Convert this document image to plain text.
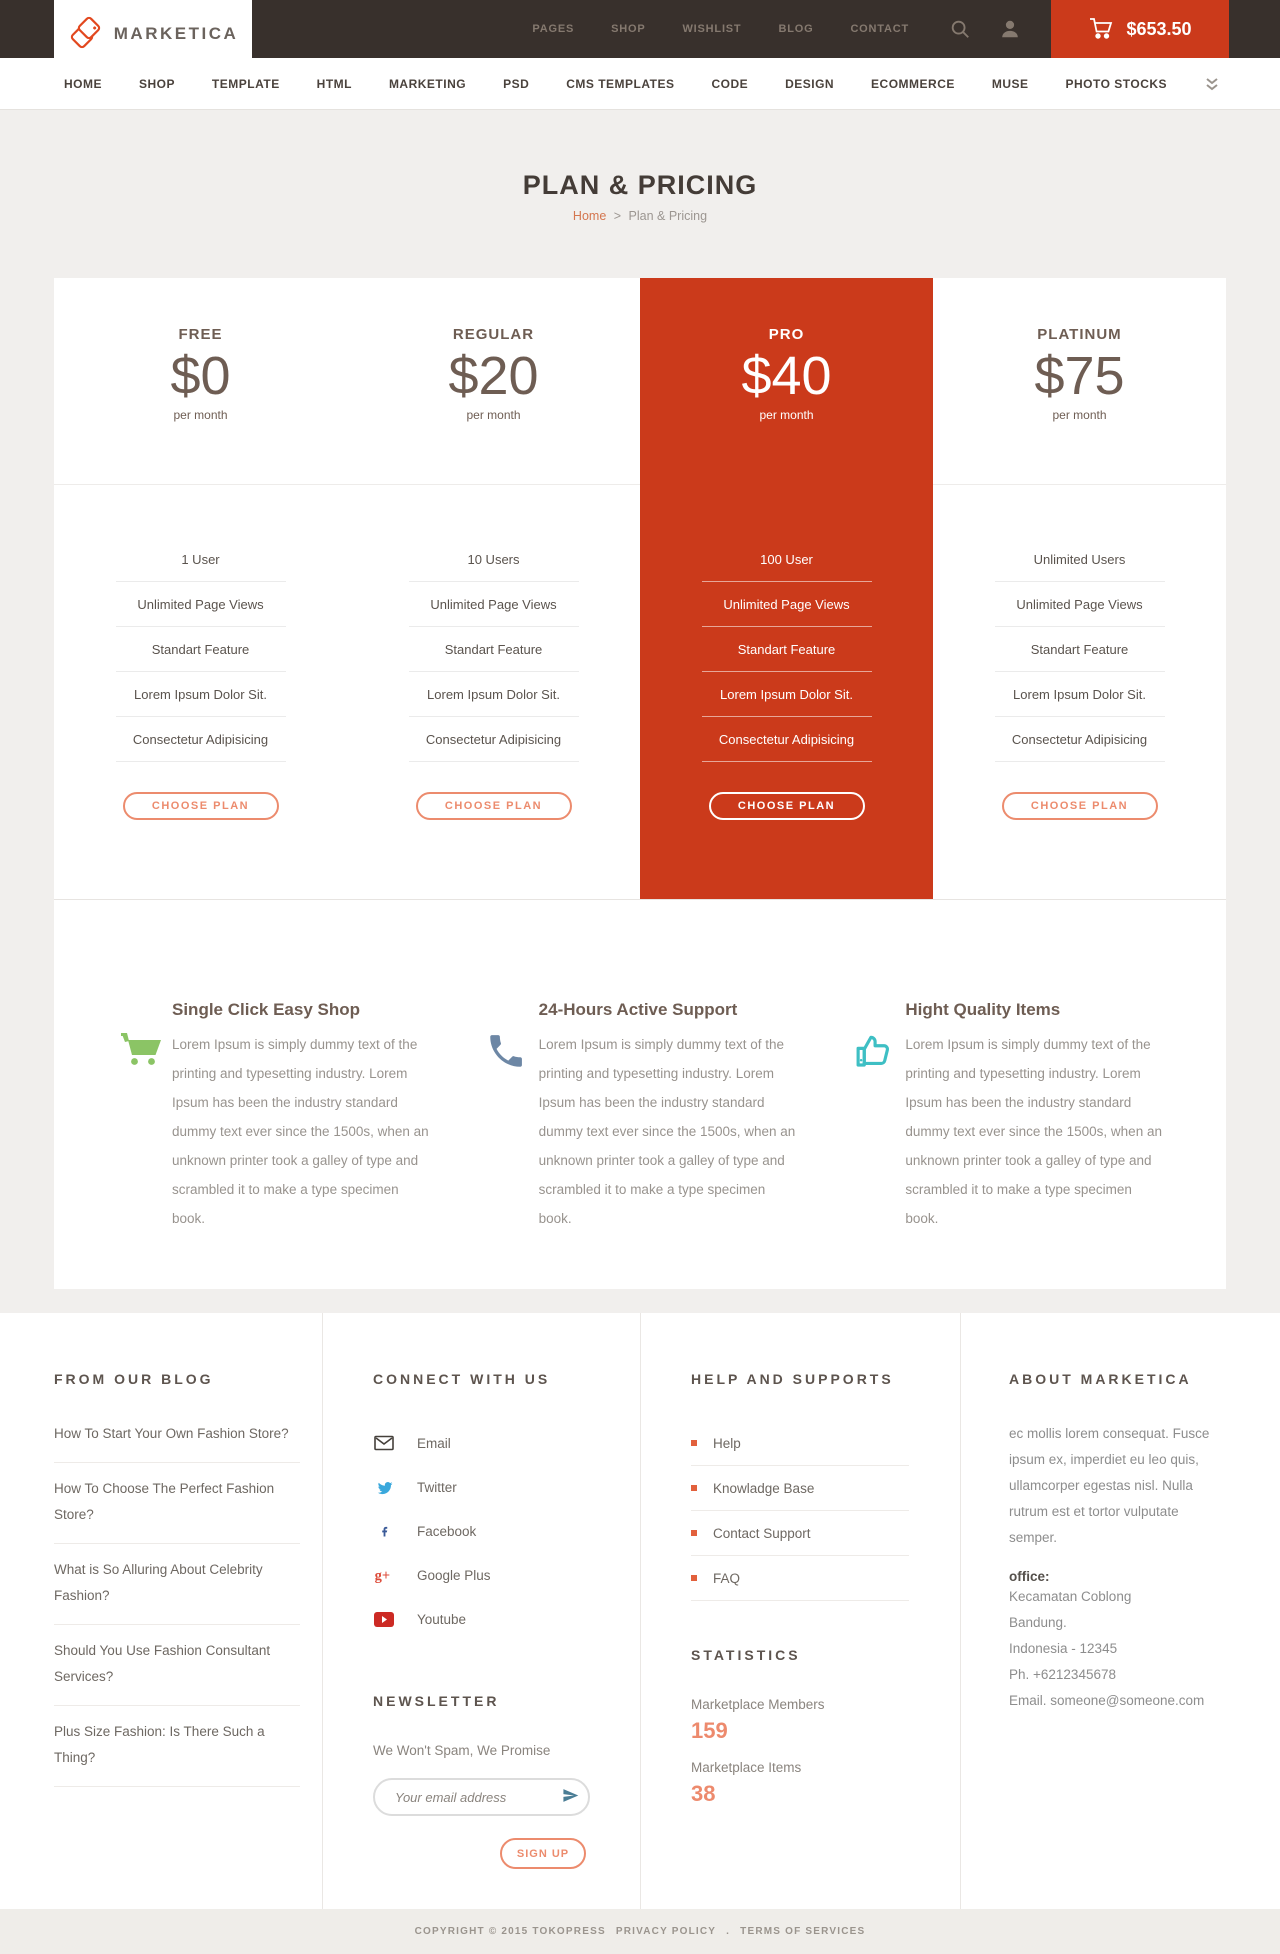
MARKETICA	PAGES	SHOP	WISHLIST	BLOG	CONTACT	$653.50
HOME	SHOP	TEMPLATE	HTML	MARKETING	PSD	CMS TEMPLATES	CODE	DESIGN	ECOMMERCE	MUSE	PHOTO STOCKS
PLAN & PRICING
Home > Plan & Pricing
FREE
$0
per month
1 User
Unlimited Page Views
Standart Feature
Lorem Ipsum Dolor Sit.
Consectetur Adipisicing
CHOOSE PLAN
REGULAR
$20
per month
10 Users
Unlimited Page Views
Standart Feature
Lorem Ipsum Dolor Sit.
Consectetur Adipisicing
CHOOSE PLAN
PRO
$40
per month
100 User
Unlimited Page Views
Standart Feature
Lorem Ipsum Dolor Sit.
Consectetur Adipisicing
CHOOSE PLAN
PLATINUM
$75
per month
Unlimited Users
Unlimited Page Views
Standart Feature
Lorem Ipsum Dolor Sit.
Consectetur Adipisicing
CHOOSE PLAN
Single Click Easy Shop

Lorem Ipsum is simply dummy text of the printing and typesetting industry. Lorem Ipsum has been the industry standard dummy text ever since the 1500s, when an unknown printer took a galley of type and scrambled it to make a type specimen book.

24-Hours Active Support

Lorem Ipsum is simply dummy text of the printing and typesetting industry. Lorem Ipsum has been the industry standard dummy text ever since the 1500s, when an unknown printer took a galley of type and scrambled it to make a type specimen book.

Hight Quality Items

Lorem Ipsum is simply dummy text of the printing and typesetting industry. Lorem Ipsum has been the industry standard dummy text ever since the 1500s, when an unknown printer took a galley of type and scrambled it to make a type specimen book.

FROM OUR BLOG
How To Start Your Own Fashion Store?
How To Choose The Perfect Fashion Store?
What is So Alluring About Celebrity Fashion?
Should You Use Fashion Consultant Services?
Plus Size Fashion: Is There Such a Thing?
CONNECT WITH US
Email
Twitter
Facebook
g+ Google Plus
Youtube
NEWSLETTER

We Won't Spam, We Promise

Your email address
SIGN UP
HELP AND SUPPORTS
Help
Knowladge Base
Contact Support
FAQ
STATISTICS
Marketplace Members
159
Marketplace Items
38
ABOUT MARKETICA

ec mollis lorem consequat. Fusce ipsum ex, imperdiet eu leo quis, ullamcorper egestas nisl. Nulla rutrum est et tortor vulputate semper.

office:
Kecamatan Coblong
Bandung.
Indonesia - 12345
Ph. +6212345678
Email. someone@someone.com
COPYRIGHT © 2015 TOKOPRESS PRIVACY POLICY . TERMS OF SERVICES
